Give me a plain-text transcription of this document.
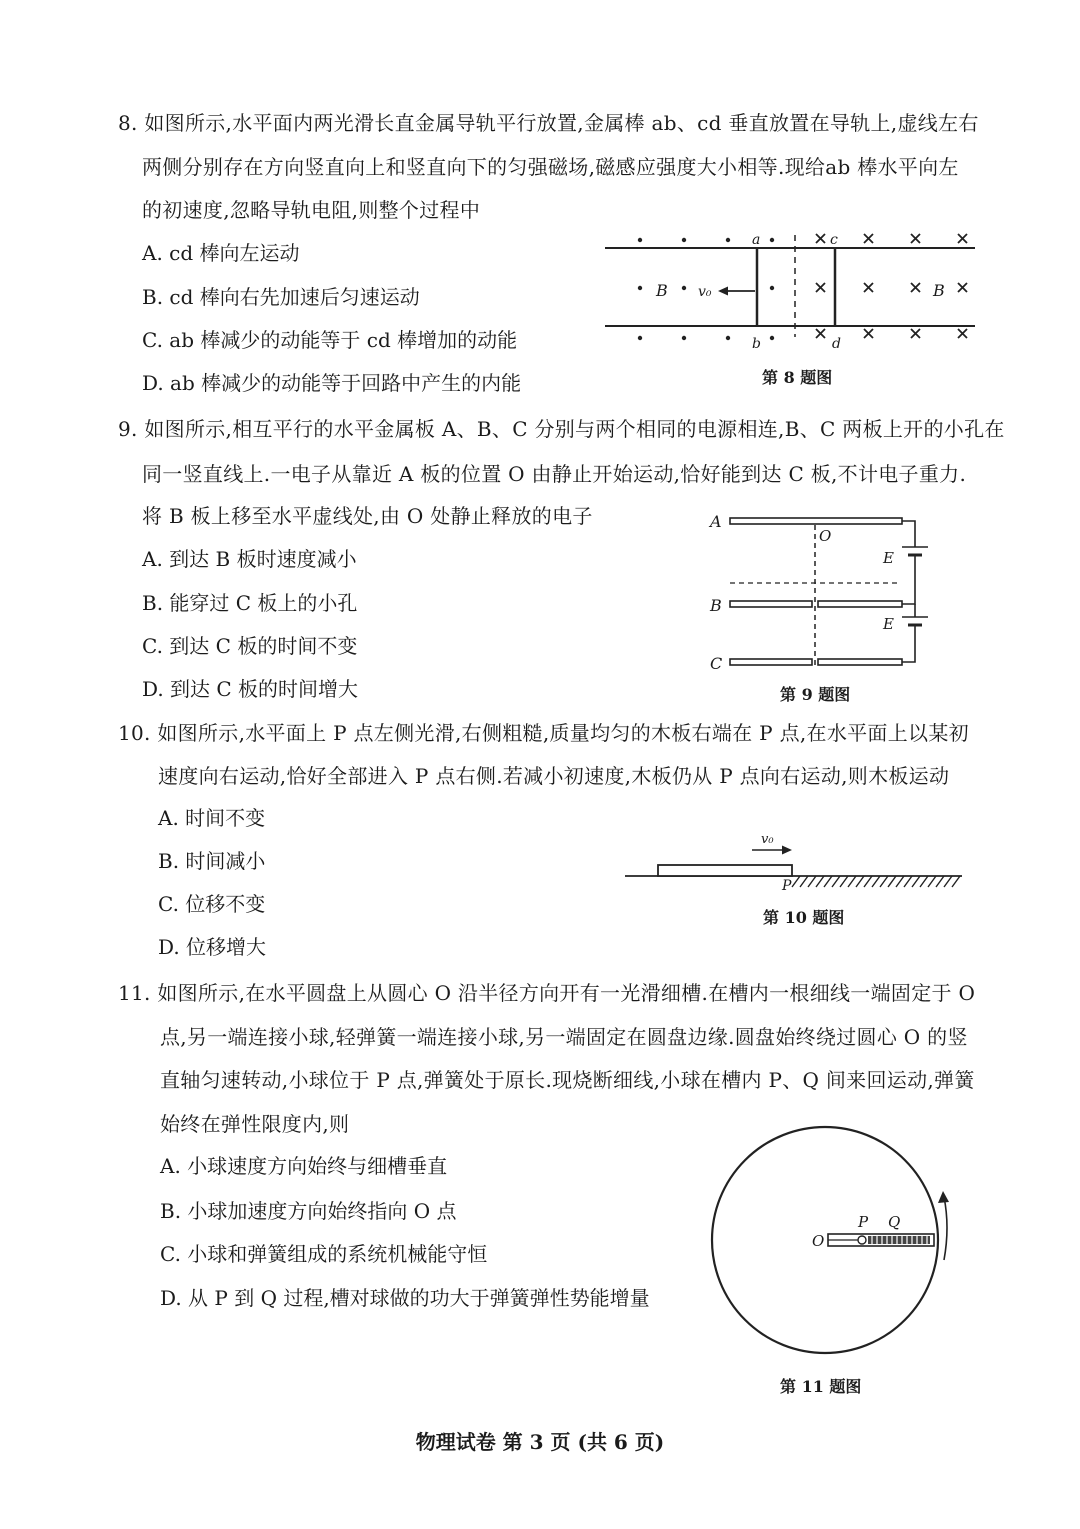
8. 如图所示,水平面内两光滑长直金属导轨平行放置,金属棒 ab、cd 垂直放置在导轨上,虚线左右
两侧分别存在方向竖直向上和竖直向下的匀强磁场,磁感应强度大小相等.现给ab 棒水平向左
的初速度,忽略导轨电阻,则整个过程中
A. cd 棒向左运动
B. cd 棒向右先加速后匀速运动
C. ab 棒减少的动能等于 cd 棒增加的动能
D. ab 棒减少的动能等于回路中产生的内能
v₀
B	B
a
b
c
d
第 8 题图
9. 如图所示,相互平行的水平金属板 A、B、C 分别与两个相同的电源相连,B、C 两板上开的小孔在
同一竖直线上.一电子从靠近 A 板的位置 O 由静止开始运动,恰好能到达 C 板,不计电子重力.
将 B 板上移至水平虚线处,由 O 处静止释放的电子
A. 到达 B 板时速度减小
B. 能穿过 C 板上的小孔
C. 到达 C 板的时间不变
D. 到达 C 板的时间增大
A
B
C
O
E
E
第 9 题图
10. 如图所示,水平面上 P 点左侧光滑,右侧粗糙,质量均匀的木板右端在 P 点,在水平面上以某初
速度向右运动,恰好全部进入 P 点右侧.若减小初速度,木板仍从 P 点向右运动,则木板运动
A. 时间不变
B. 时间减小
C. 位移不变
D. 位移增大
v₀
P
第 10 题图
11. 如图所示,在水平圆盘上从圆心 O 沿半径方向开有一光滑细槽.在槽内一根细线一端固定于 O
点,另一端连接小球,轻弹簧一端连接小球,另一端固定在圆盘边缘.圆盘始终绕过圆心 O 的竖
直轴匀速转动,小球位于 P 点,弹簧处于原长.现烧断细线,小球在槽内 P、Q 间来回运动,弹簧
始终在弹性限度内,则
A. 小球速度方向始终与细槽垂直
B. 小球加速度方向始终指向 O 点
C. 小球和弹簧组成的系统机械能守恒
D. 从 P 到 Q 过程,槽对球做的功大于弹簧弹性势能增量
O
P Q
第 11 题图
物理试卷 第 3 页 (共 6 页)
